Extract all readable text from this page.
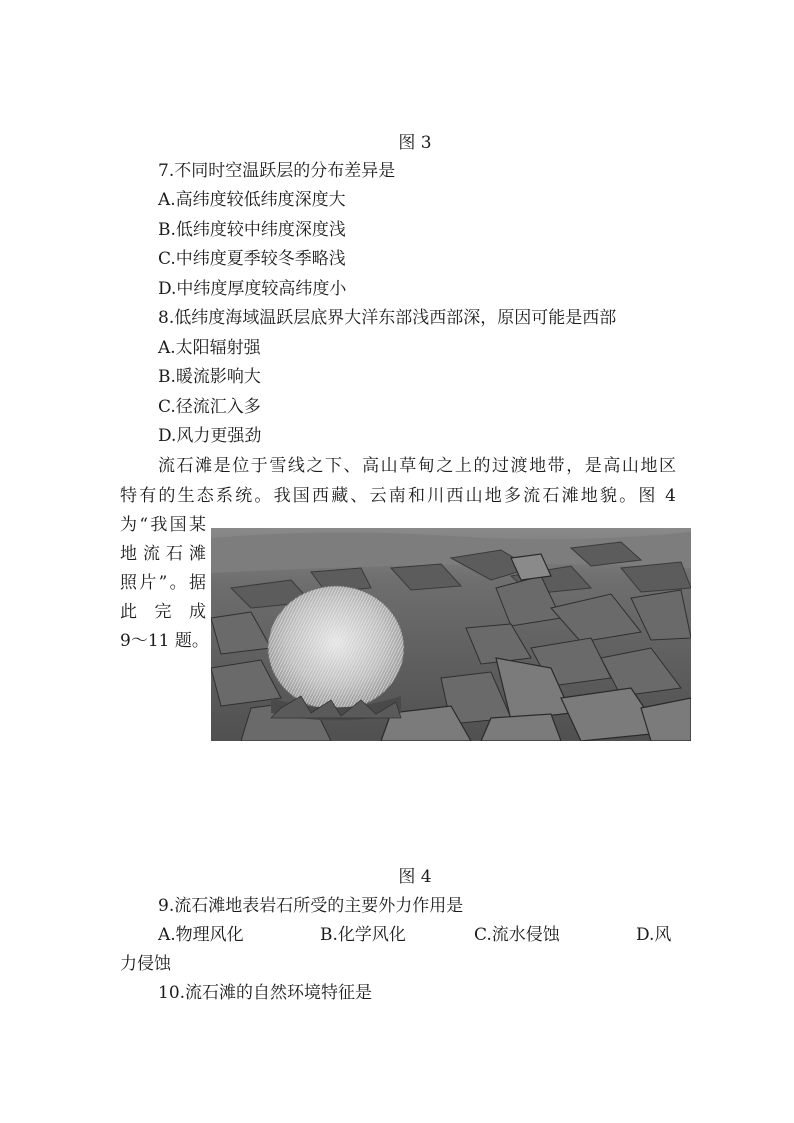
图 3
7.不同时空温跃层的分布差异是
A.高纬度较低纬度深度大
B.低纬度较中纬度深度浅
C.中纬度夏季较冬季略浅
D.中纬度厚度较高纬度小
8.低纬度海域温跃层底界大洋东部浅西部深，原因可能是西部
A.太阳辐射强
B.暖流影响大
C.径流汇入多
D.风力更强劲
流石滩是位于雪线之下、高山草甸之上的过渡地带，是高山地区
特有的生态系统。我国西藏、云南和川西山地多流石滩地貌。图 4
为“我国某
地流石滩
照片”。据
此 完 成
9～11 题。
图 4
9.流石滩地表岩石所受的主要外力作用是
A.物理风化	B.化学风化	C.流水侵蚀	D.风
力侵蚀
10.流石滩的自然环境特征是
